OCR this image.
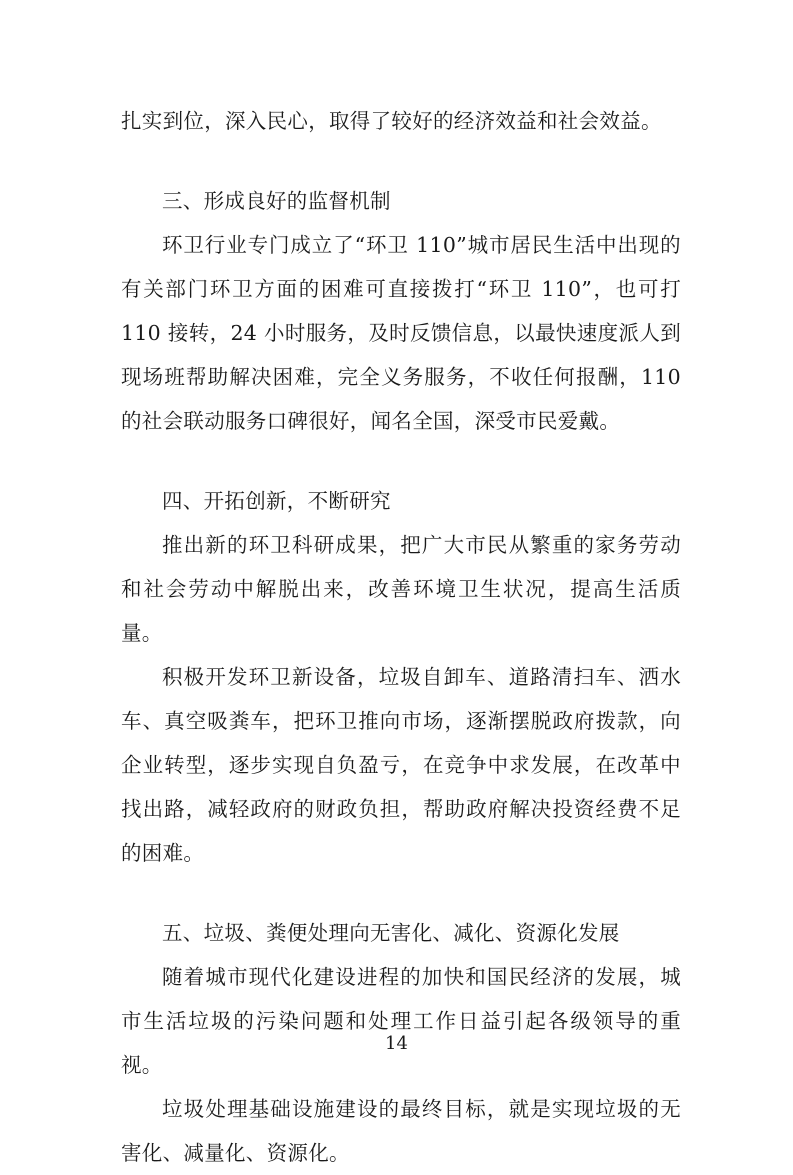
扎实到位，深入民心，取得了较好的经济效益和社会效益。

三、形成良好的监督机制

环卫行业专门成立了“环卫 110”城市居民生活中出现的有关部门环卫方面的困难可直接拨打“环卫 110”，也可打 110 接转，24 小时服务，及时反馈信息，以最快速度派人到现场班帮助解决困难，完全义务服务，不收任何报酬，110 的社会联动服务口碑很好，闻名全国，深受市民爱戴。

四、开拓创新，不断研究

推出新的环卫科研成果，把广大市民从繁重的家务劳动和社会劳动中解脱出来，改善环境卫生状况，提高生活质量。

积极开发环卫新设备，垃圾自卸车、道路清扫车、洒水车、真空吸粪车，把环卫推向市场，逐渐摆脱政府拨款，向企业转型，逐步实现自负盈亏，在竞争中求发展，在改革中找出路，减轻政府的财政负担，帮助政府解决投资经费不足的困难。

五、垃圾、粪便处理向无害化、减化、资源化发展

随着城市现代化建设进程的加快和国民经济的发展，城市生活垃圾的污染问题和处理工作日益引起各级领导的重视。

垃圾处理基础设施建设的最终目标，就是实现垃圾的无害化、减量化、资源化。

14
